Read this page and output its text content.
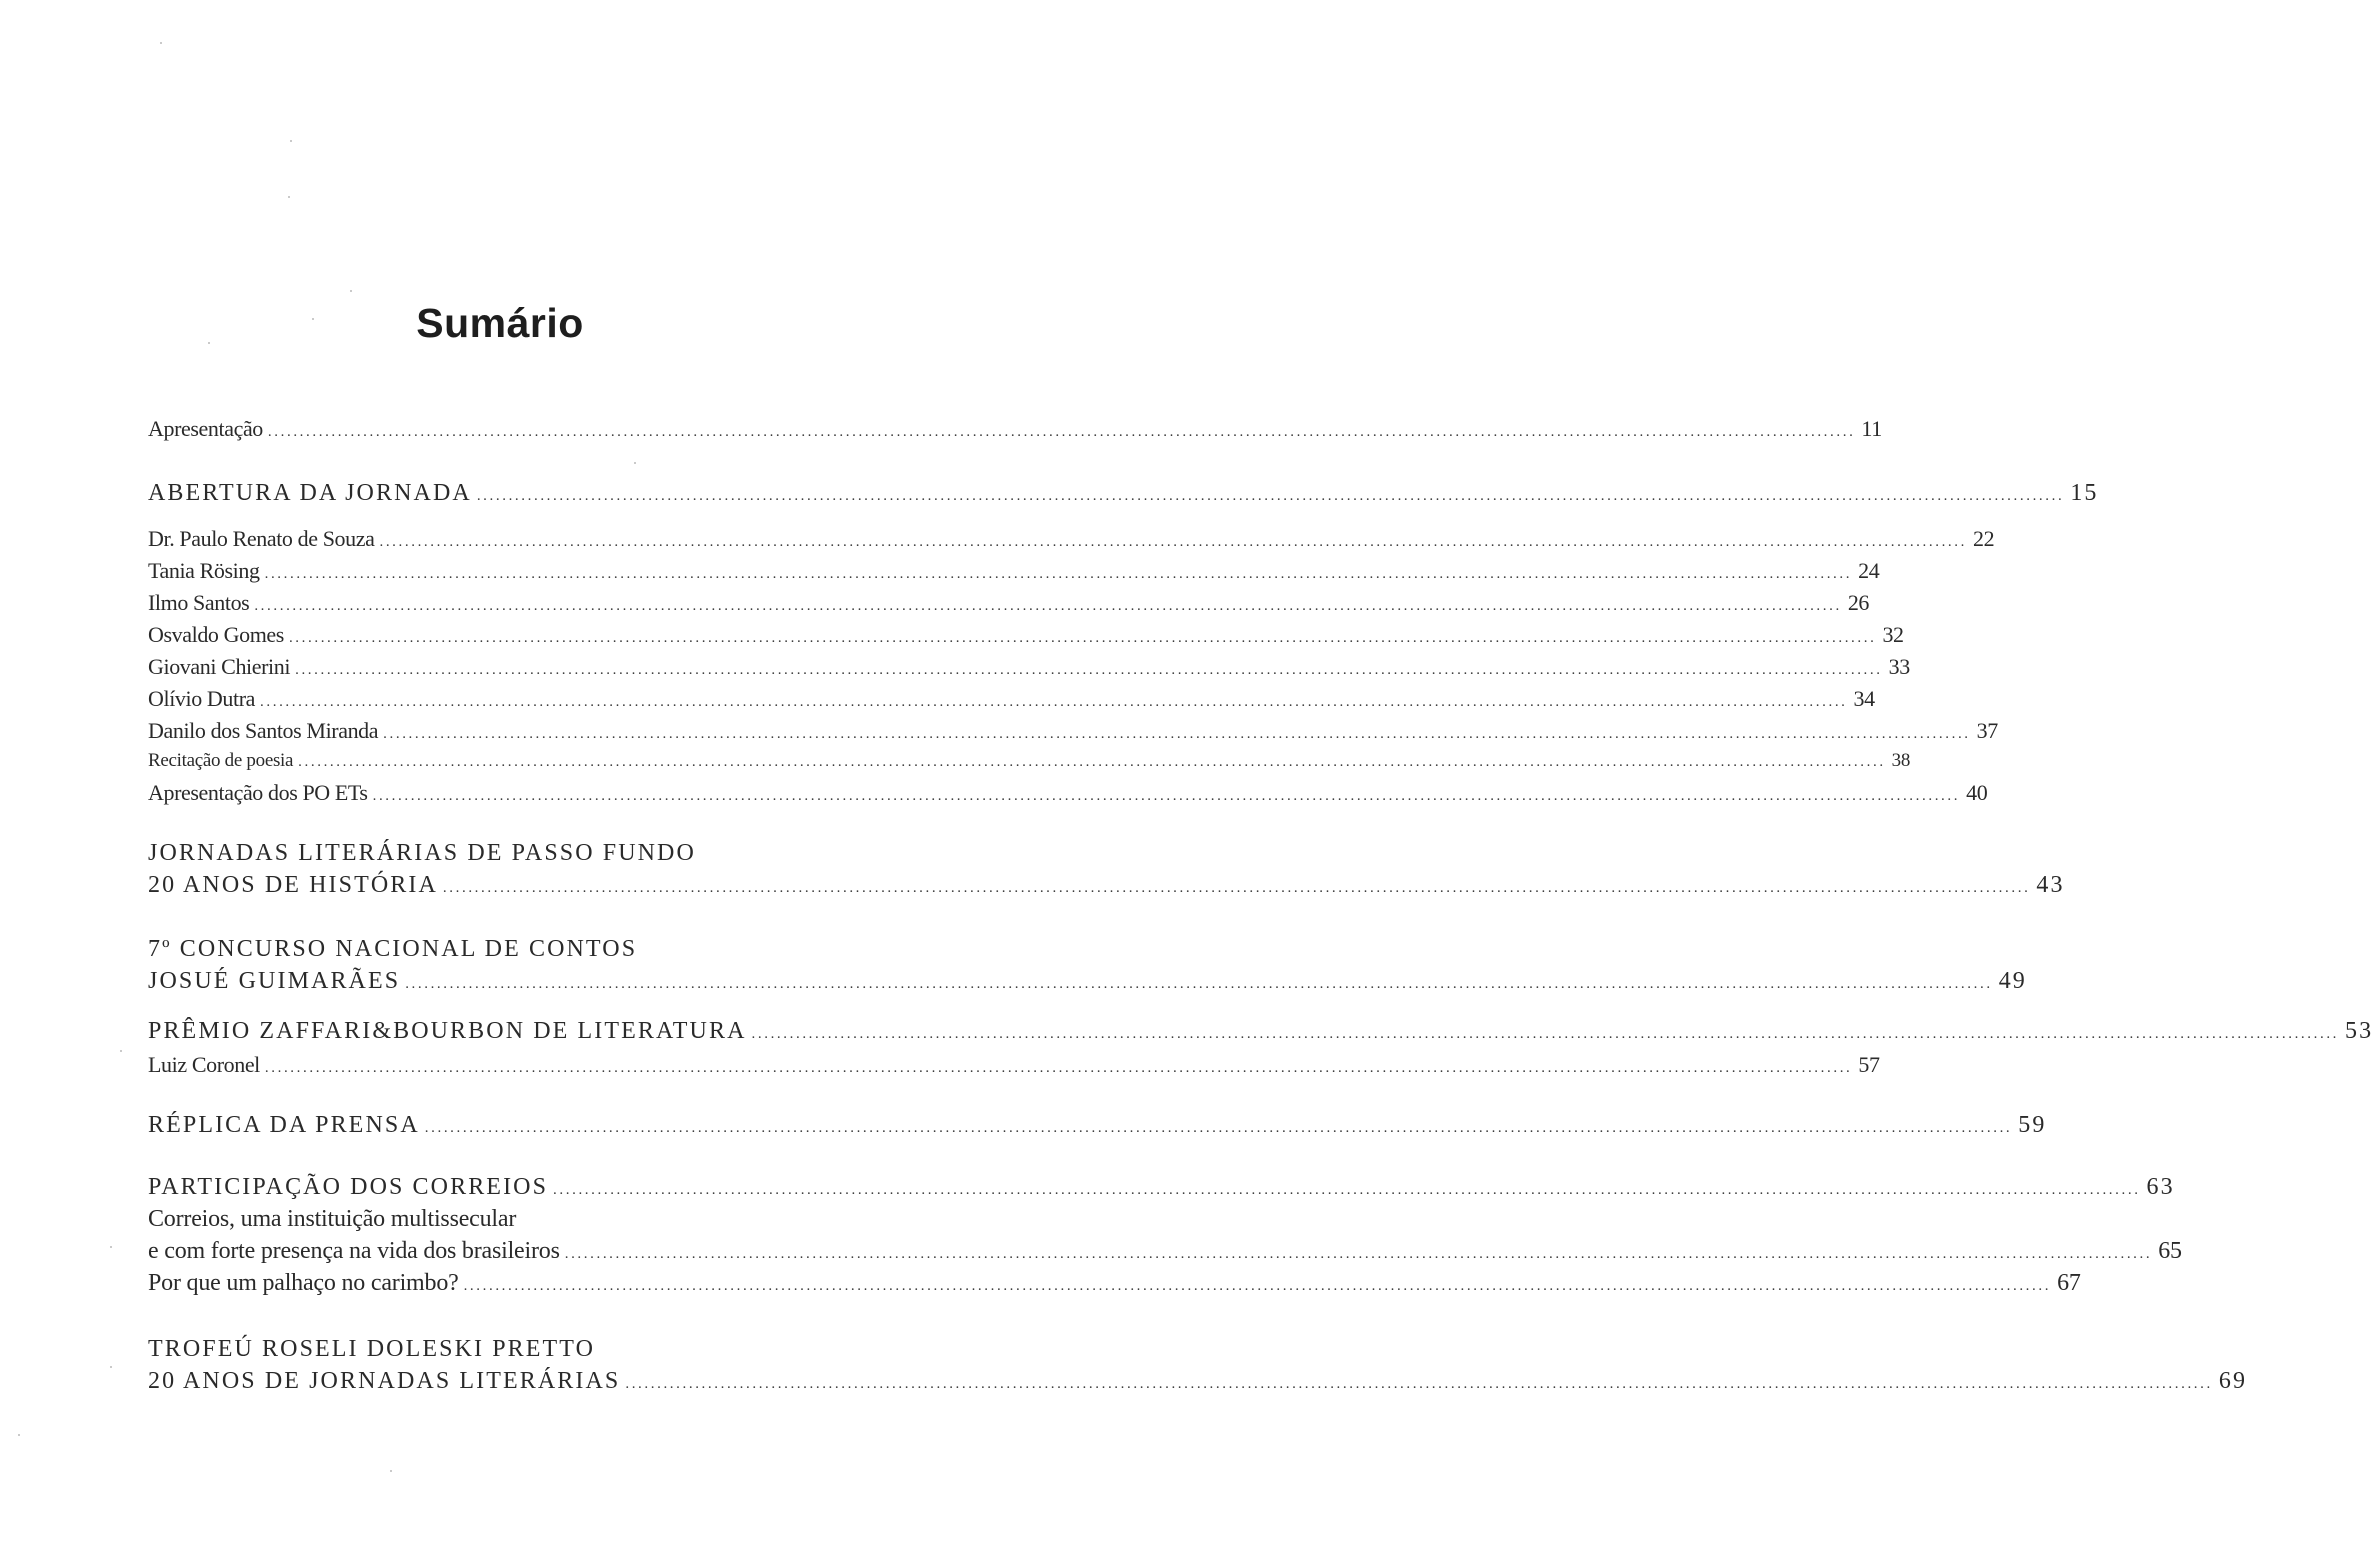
Sumário
Apresentação .......................................................................................................................................................................................................................................................... 11
ABERTURA DA JORNADA .......................................................................................................................................................................................................................................................... 15
Dr. Paulo Renato de Souza .......................................................................................................................................................................................................................................................... 22
Tania Rösing .......................................................................................................................................................................................................................................................... 24
Ilmo Santos .......................................................................................................................................................................................................................................................... 26
Osvaldo Gomes .......................................................................................................................................................................................................................................................... 32
Giovani Chierini .......................................................................................................................................................................................................................................................... 33
Olívio Dutra .......................................................................................................................................................................................................................................................... 34
Danilo dos Santos Miranda .......................................................................................................................................................................................................................................................... 37
Recitação de poesia .......................................................................................................................................................................................................................................................... 38
Apresentação dos PO ETs .......................................................................................................................................................................................................................................................... 40
JORNADAS LITERÁRIAS DE PASSO FUNDO
20 ANOS DE HISTÓRIA .......................................................................................................................................................................................................................................................... 43
7º CONCURSO NACIONAL DE CONTOS
JOSUÉ GUIMARÃES .......................................................................................................................................................................................................................................................... 49
PRÊMIO ZAFFARI&BOURBON DE LITERATURA .......................................................................................................................................................................................................................................................... 53
Luiz Coronel .......................................................................................................................................................................................................................................................... 57
RÉPLICA DA PRENSA .......................................................................................................................................................................................................................................................... 59
PARTICIPAÇÃO DOS CORREIOS .......................................................................................................................................................................................................................................................... 63
Correios, uma instituição multissecular
e com forte presença na vida dos brasileiros .......................................................................................................................................................................................................................................................... 65
Por que um palhaço no carimbo? .......................................................................................................................................................................................................................................................... 67
TROFEÚ ROSELI DOLESKI PRETTO
20 ANOS DE JORNADAS LITERÁRIAS .......................................................................................................................................................................................................................................................... 69
